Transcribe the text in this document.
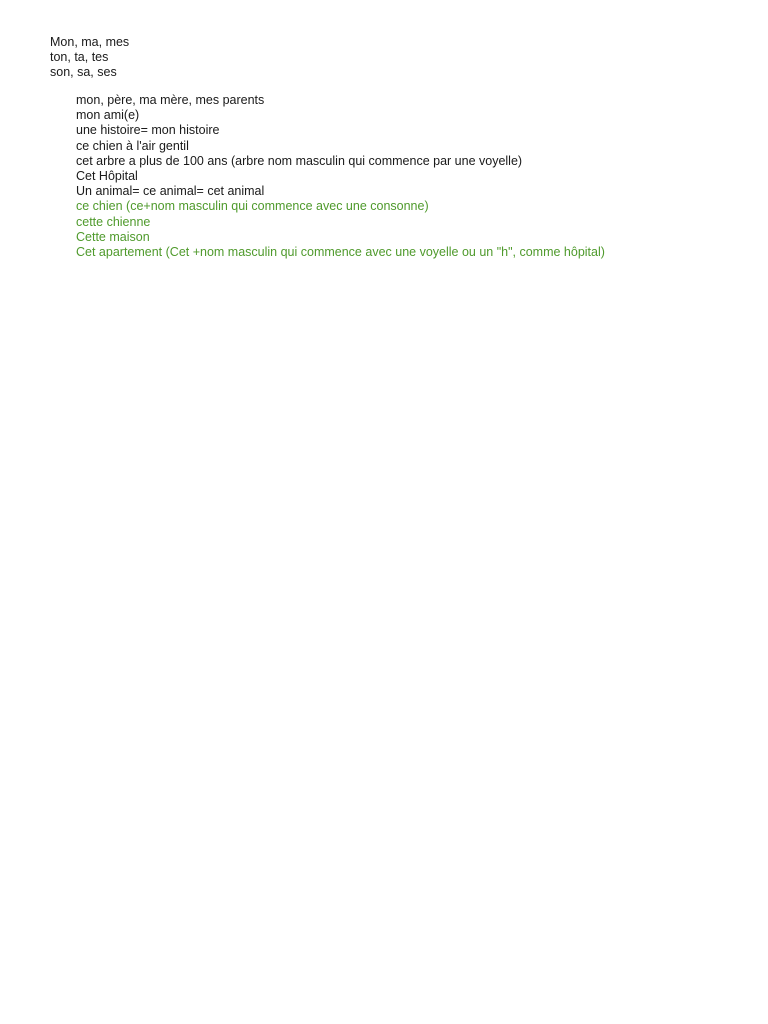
Mon, ma, mes
ton, ta, tes
son, sa, ses
mon, père, ma mère, mes parents
mon ami(e)
une histoire= mon histoire
ce chien à l'air gentil
cet arbre a plus de 100 ans (arbre nom masculin qui commence par une voyelle)
Cet Hôpital
Un animal= ce animal= cet animal
ce chien (ce+nom masculin qui commence avec une consonne)
cette chienne
Cette maison
Cet apartement (Cet +nom masculin qui commence avec une voyelle ou un "h", comme hôpital)
